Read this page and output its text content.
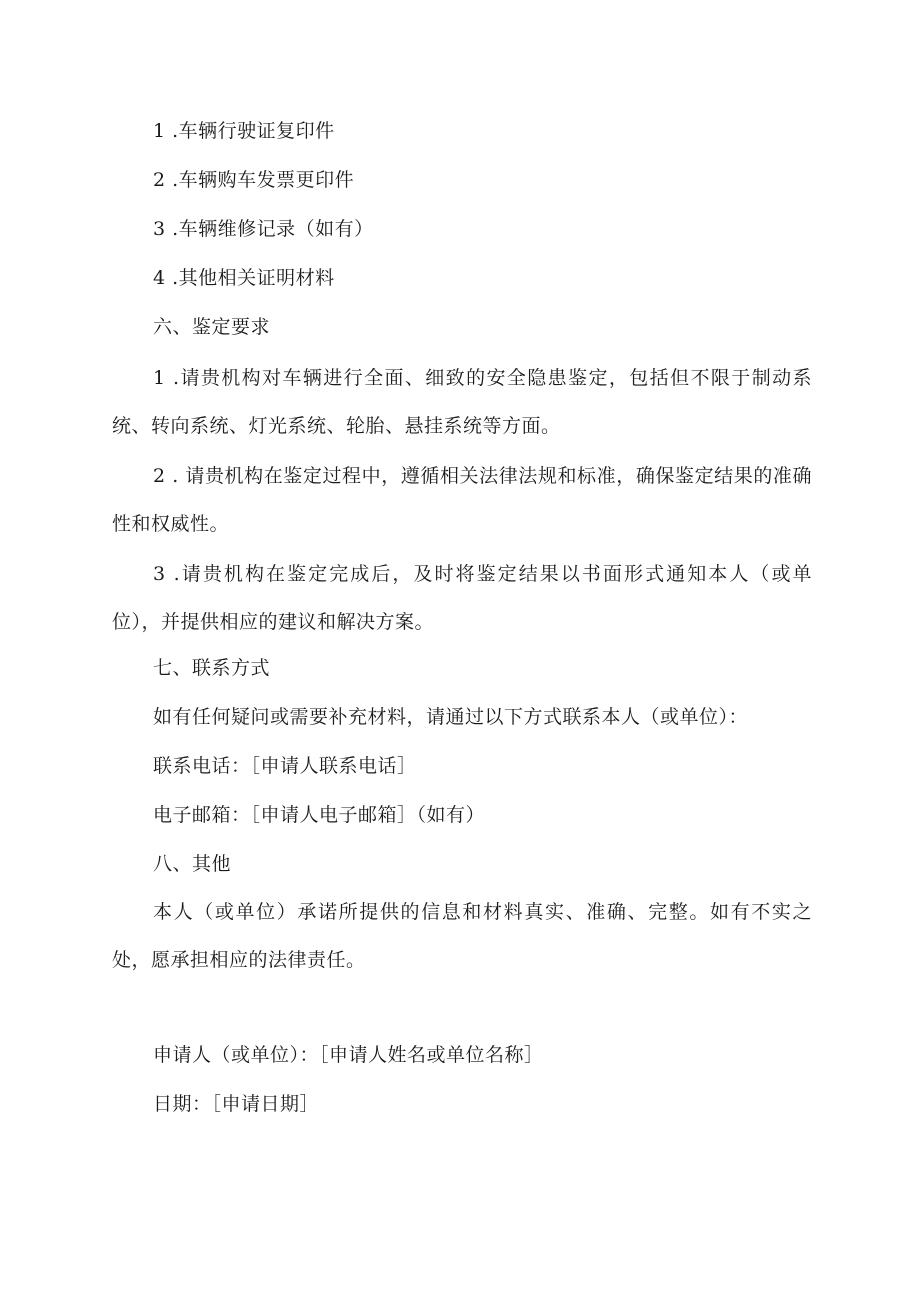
1 .车辆行驶证复印件
2 .车辆购车发票更印件
3 .车辆维修记录（如有）
4 .其他相关证明材料
六、鉴定要求
1 .请贵机构对车辆进行全面、细致的安全隐患鉴定，包括但不限于制动系统、转向系统、灯光系统、轮胎、悬挂系统等方面。
2 . 请贵机构在鉴定过程中，遵循相关法律法规和标准，确保鉴定结果的准确性和权威性。
3 .请贵机构在鉴定完成后，及时将鉴定结果以书面形式通知本人（或单位），并提供相应的建议和解决方案。
七、联系方式
如有任何疑问或需要补充材料，请通过以下方式联系本人（或单位）：
联系电话：［申请人联系电话］
电子邮箱：［申请人电子邮箱］（如有）
八、其他
本人（或单位）承诺所提供的信息和材料真实、准确、完整。如有不实之处，愿承担相应的法律责任。
申请人（或单位）：［申请人姓名或单位名称］
日期：［申请日期］
